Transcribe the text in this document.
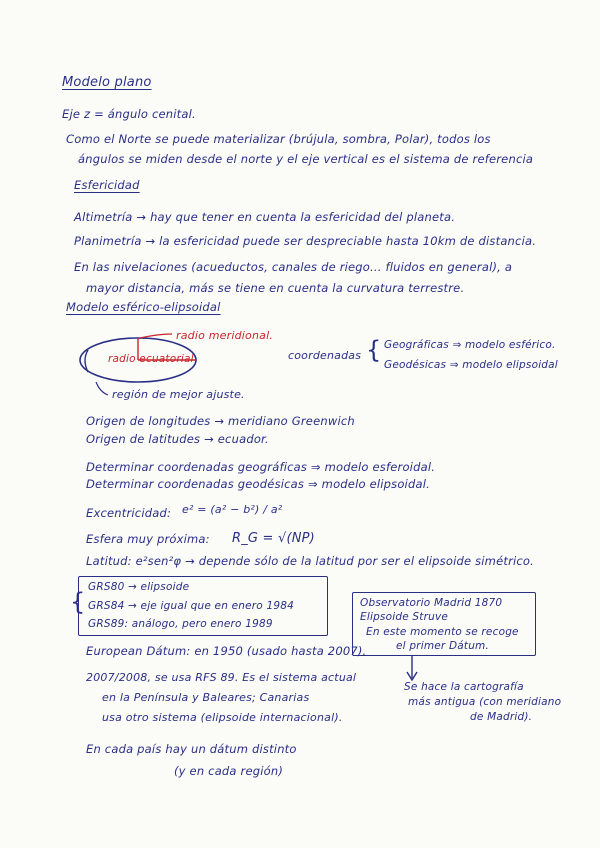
Modelo plano
Eje z = ángulo cenital.
Como el Norte se puede materializar (brújula, sombra, Polar), todos los
ángulos se miden desde el norte y el eje vertical es el sistema de referencia
Esfericidad
Altimetría → hay que tener en cuenta la esfericidad del planeta.
Planimetría → la esfericidad puede ser despreciable hasta 10km de distancia.
En las nivelaciones (acueductos, canales de riego... fluidos en general), a
mayor distancia, más se tiene en cuenta la curvatura terrestre.
Modelo esférico-elipsoidal
radio meridional.
radio ecuatorial
región de mejor ajuste.
coordenadas { Geográficas ⇒ modelo esférico.
Geodésicas ⇒ modelo elipsoidal
Origen de longitudes → meridiano Greenwich
Origen de latitudes → ecuador.
Determinar coordenadas geográficas ⇒ modelo esferoidal.
Determinar coordenadas geodésicas ⇒ modelo elipsoidal.
Excentricidad: e² = (a² − b²) / a²
Esfera muy próxima: R_G = √(NP)
Latitud: e²sen²φ → depende sólo de la latitud por ser el elipsoide simétrico.
{
GRS80 → elipsoide
GRS84 → eje igual que en enero 1984
GRS89: análogo, pero enero 1989
Observatorio Madrid 1870
Elipsoide Struve
En este momento se recoge
el primer Dátum.
Se hace la cartografía
más antigua (con meridiano
de Madrid).
European Dátum: en 1950 (usado hasta 2007).
2007/2008, se usa RFS 89. Es el sistema actual
en la Península y Baleares; Canarias
usa otro sistema (elipsoide internacional).
En cada país hay un dátum distinto
(y en cada región)
